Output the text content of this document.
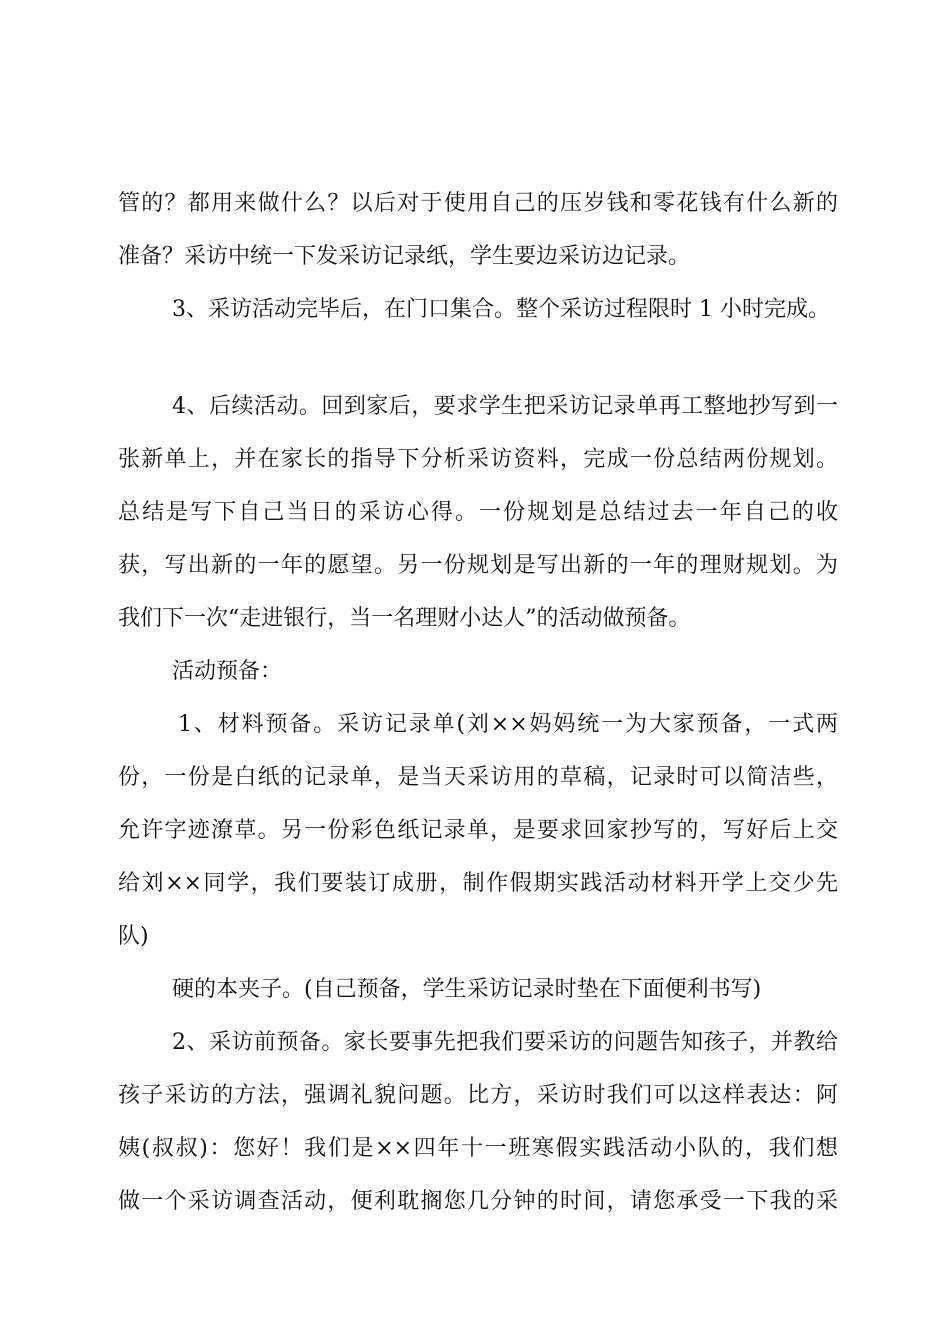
管的？都用来做什么？以后对于使用自己的压岁钱和零花钱有什么新的
准备？采访中统一下发采访记录纸，学生要边采访边记录。
3、采访活动完毕后，在门口集合。整个采访过程限时 1 小时完成。
4、后续活动。回到家后，要求学生把采访记录单再工整地抄写到一
张新单上，并在家长的指导下分析采访资料，完成一份总结两份规划。
总结是写下自己当日的采访心得。一份规划是总结过去一年自己的收
获，写出新的一年的愿望。另一份规划是写出新的一年的理财规划。为
我们下一次“走进银行，当一名理财小达人”的活动做预备。
活动预备：
1、材料预备。采访记录单(刘××妈妈统一为大家预备，一式两
份，一份是白纸的记录单，是当天采访用的草稿，记录时可以简洁些，
允许字迹潦草。另一份彩色纸记录单，是要求回家抄写的，写好后上交
给刘××同学，我们要装订成册，制作假期实践活动材料开学上交少先
队)
硬的本夹子。(自己预备，学生采访记录时垫在下面便利书写)
2、采访前预备。家长要事先把我们要采访的问题告知孩子，并教给
孩子采访的方法，强调礼貌问题。比方，采访时我们可以这样表达：阿
姨(叔叔)：您好！我们是××四年十一班寒假实践活动小队的，我们想
做一个采访调查活动，便利耽搁您几分钟的时间，请您承受一下我的采
